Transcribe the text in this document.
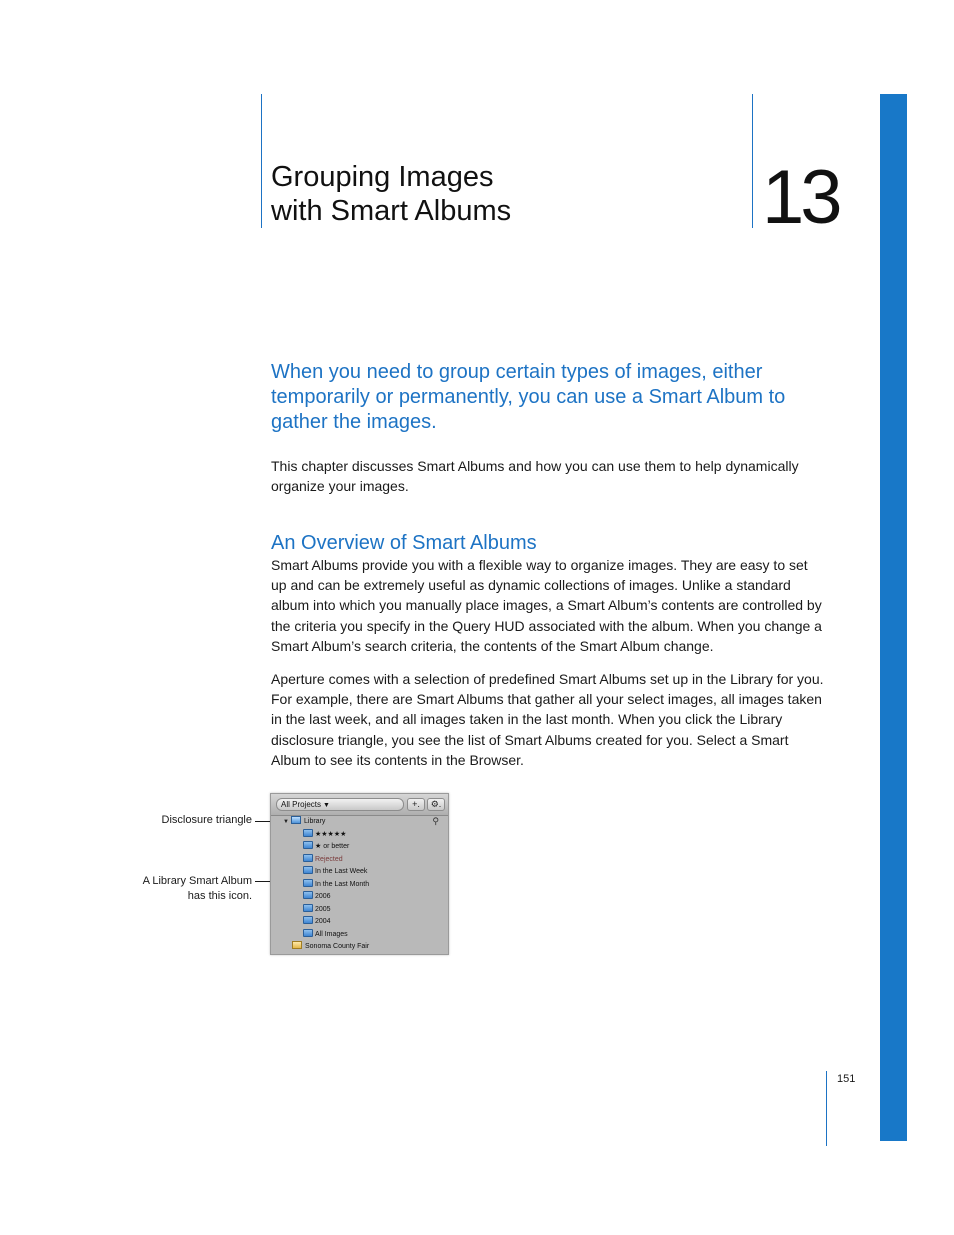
Grouping Images
with Smart Albums	13

When you need to group certain types of images, either temporarily or permanently, you can use a Smart Album to gather the images.

This chapter discusses Smart Albums and how you can use them to help dynamically organize your images.

An Overview of Smart Albums

Smart Albums provide you with a flexible way to organize images. They are easy to set up and can be extremely useful as dynamic collections of images. Unlike a standard album into which you manually place images, a Smart Album’s contents are controlled by the criteria you specify in the Query HUD associated with the album. When you change a Smart Album’s search criteria, the contents of the Smart Album change.

Aperture comes with a selection of predefined Smart Albums set up in the Library for you. For example, there are Smart Albums that gather all your select images, all images taken in the last week, and all images taken in the last month. When you click the Library disclosure triangle, you see the list of Smart Albums created for you. Select a Smart Album to see its contents in the Browser.

Disclosure triangle
A Library Smart Album
has this icon.
All Projects ▼	+.	⚙.
⚲
▼ Library
★★★★★
★ or better
Rejected
In the Last Week
In the Last Month
2006
2005
2004
All Images
Sonoma County Fair
151
